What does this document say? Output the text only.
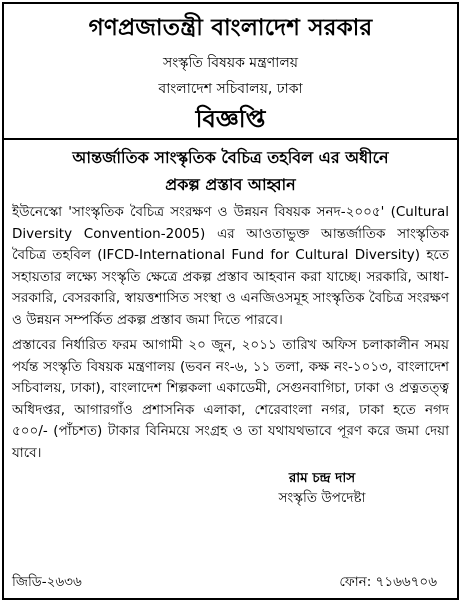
গণপ্রজাতন্ত্রী বাংলাদেশ সরকার
সংস্কৃতি বিষয়ক মন্ত্রণালয়
বাংলাদেশ সচিবালয়, ঢাকা
বিজ্ঞপ্তি
আন্তর্জাতিক সাংস্কৃতিক বৈচিত্র তহবিল এর অধীনে
প্রকল্প প্রস্তাব আহ্বান

ইউনেস্কো 'সাংস্কৃতিক বৈচিত্র সংরক্ষণ ও উন্নয়ন বিষয়ক সনদ-২০০৫' (Cultural Diversity Convention-2005) এর আওতাভুক্ত আন্তর্জাতিক সাংস্কৃতিক বৈচিত্র তহবিল (IFCD-International Fund for Cultural Diversity) হতে সহায়তার লক্ষ্যে সংস্কৃতি ক্ষেত্রে প্রকল্প প্রস্তাব আহবান করা যাচ্ছে। সরকারি, আধা-সরকারি, বেসরকারি, স্বায়ত্তশাসিত সংস্থা ও এনজিওসমূহ সাংস্কৃতিক বৈচিত্র সংরক্ষণ ও উন্নয়ন সম্পর্কিত প্রকল্প প্রস্তাব জমা দিতে পারবে।

প্রস্তাবের নির্ধারিত ফরম আগামী ২০ জুন, ২০১১ তারিখ অফিস চলাকালীন সময় পর্যন্ত সংস্কৃতি বিষয়ক মন্ত্রণালয় (ভবন নং-৬, ১১ তলা, কক্ষ নং-১০১৩, বাংলাদেশ সচিবালয়, ঢাকা), বাংলাদেশ শিল্পকলা একাডেমী, সেগুনবাগিচা, ঢাকা ও প্রত্নতত্ত্ব অধিদপ্তর, আগারগাঁও প্রশাসনিক এলাকা, শেরেবাংলা নগর, ঢাকা হতে নগদ ৫০০/- (পাঁচশত) টাকার বিনিময়ে সংগ্রহ ও তা যথাযথভাবে পূরণ করে জমা দেয়া যাবে।

রাম চন্দ্র দাস
সংস্কৃতি উপদেষ্টা
জিডি-২৬৩৬	ফোন: ৭১৬৬৭০৬
